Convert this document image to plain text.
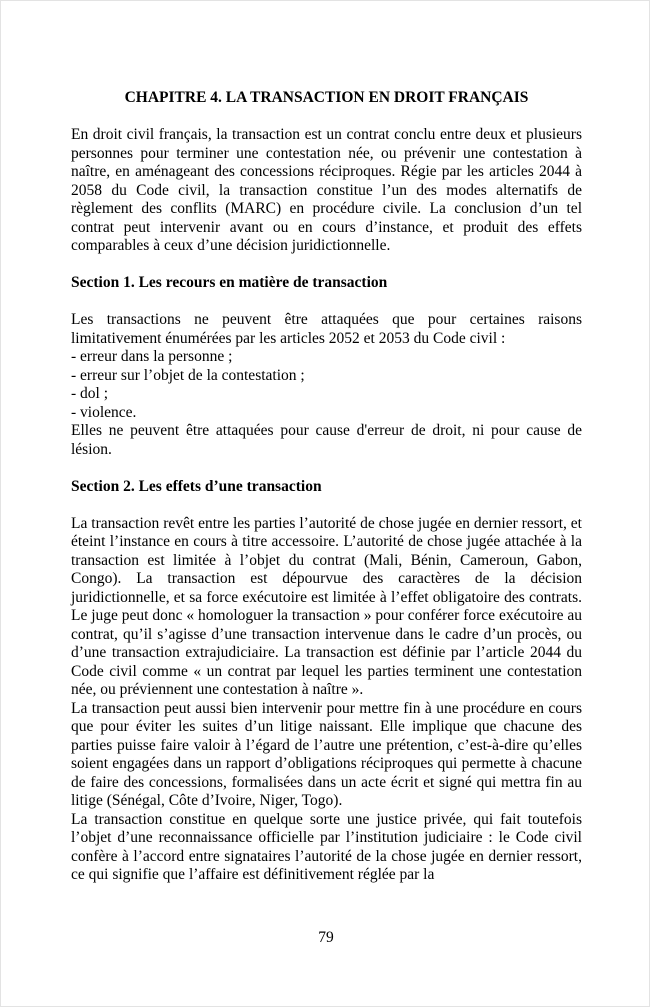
CHAPITRE 4. LA TRANSACTION EN DROIT FRANÇAIS

En droit civil français, la transaction est un contrat conclu entre deux et plusieurs personnes pour terminer une contestation née, ou prévenir une contestation à naître, en aménageant des concessions réciproques. Régie par les articles 2044 à 2058 du Code civil, la transaction constitue l’un des modes alternatifs de règlement des conflits (MARC) en procédure civile. La conclusion d’un tel contrat peut intervenir avant ou en cours d’instance, et produit des effets comparables à ceux d’une décision juridictionnelle.

Section 1. Les recours en matière de transaction

Les transactions ne peuvent être attaquées que pour certaines raisons limitativement énumérées par les articles 2052 et 2053 du Code civil :

- erreur dans la personne ;
- erreur sur l’objet de la contestation ;
- dol ;
- violence.

Elles ne peuvent être attaquées pour cause d'erreur de droit, ni pour cause de lésion.

Section 2. Les effets d’une transaction

La transaction revêt entre les parties l’autorité de chose jugée en dernier ressort, et éteint l’instance en cours à titre accessoire. L’autorité de chose jugée attachée à la transaction est limitée à l’objet du contrat (Mali, Bénin, Cameroun, Gabon, Congo). La transaction est dépourvue des caractères de la décision juridictionnelle, et sa force exécutoire est limitée à l’effet obligatoire des contrats. Le juge peut donc « homologuer la transaction » pour conférer force exécutoire au contrat, qu’il s’agisse d’une transaction intervenue dans le cadre d’un procès, ou d’une transaction extrajudiciaire. La transaction est définie par l’article 2044 du Code civil comme « un contrat par lequel les parties terminent une contestation née, ou préviennent une contestation à naître ».

La transaction peut aussi bien intervenir pour mettre fin à une procédure en cours que pour éviter les suites d’un litige naissant. Elle implique que chacune des parties puisse faire valoir à l’égard de l’autre une prétention, c’est-à-dire qu’elles soient engagées dans un rapport d’obligations réciproques qui permette à chacune de faire des concessions, formalisées dans un acte écrit et signé qui mettra fin au litige (Sénégal, Côte d’Ivoire, Niger, Togo).

La transaction constitue en quelque sorte une justice privée, qui fait toutefois l’objet d’une reconnaissance officielle par l’institution judiciaire : le Code civil confère à l’accord entre signataires l’autorité de la chose jugée en dernier ressort, ce qui signifie que l’affaire est définitivement réglée par la

79
